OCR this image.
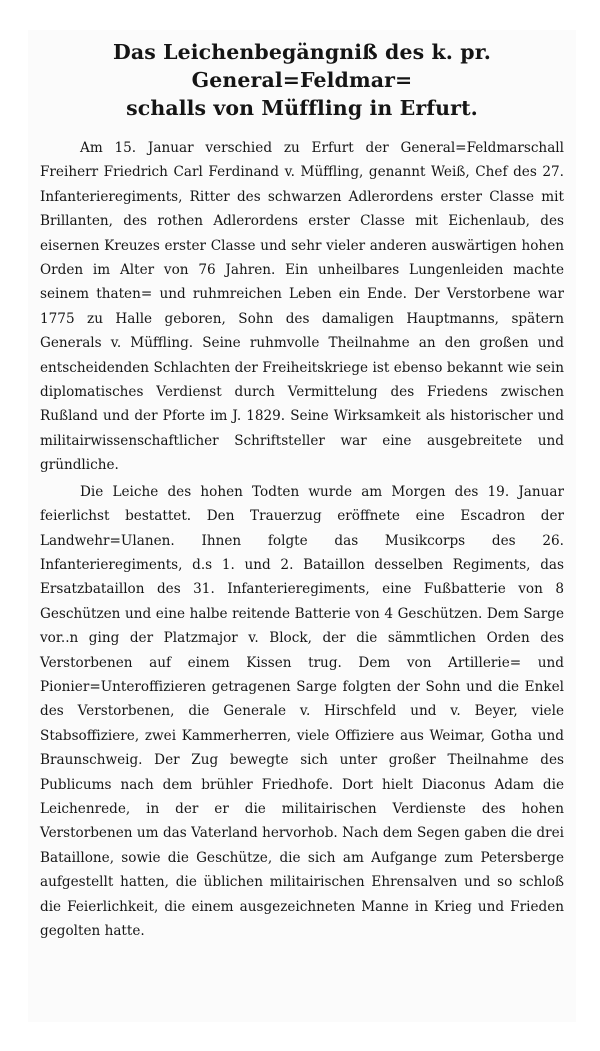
Das Leichenbegängniß des k. pr. General=Feldmar=
schalls von Müffling in Erfurt.

Am 15. Januar verschied zu Erfurt der General=Feldmarschall Freiherr Friedrich Carl Ferdinand v. Müffling, genannt Weiß, Chef des 27. Infanterieregiments, Ritter des schwarzen Adlerordens erster Classe mit Brillanten, des rothen Adlerordens erster Classe mit Eichenlaub, des eisernen Kreuzes erster Classe und sehr vieler anderen auswärtigen hohen Orden im Alter von 76 Jahren. Ein unheilbares Lungenleiden machte seinem thaten= und ruhmreichen Leben ein Ende. Der Verstorbene war 1775 zu Halle geboren, Sohn des damaligen Hauptmanns, spätern Generals v. Müffling. Seine ruhmvolle Theilnahme an den großen und entscheidenden Schlachten der Freiheitskriege ist ebenso bekannt wie sein diplomatisches Verdienst durch Vermittelung des Friedens zwischen Rußland und der Pforte im J. 1829. Seine Wirksamkeit als historischer und militairwissenschaftlicher Schriftsteller war eine ausgebreitete und gründliche.

Die Leiche des hohen Todten wurde am Morgen des 19. Januar feierlichst bestattet. Den Trauerzug eröffnete eine Escadron der Landwehr=Ulanen. Ihnen folgte das Musikcorps des 26. Infanterieregiments, d.s 1. und 2. Bataillon desselben Regiments, das Ersatzbataillon des 31. Infanterieregiments, eine Fußbatterie von 8 Geschützen und eine halbe reitende Batterie von 4 Geschützen. Dem Sarge vor..n ging der Platzmajor v. Block, der die sämmtlichen Orden des Verstorbenen auf einem Kissen trug. Dem von Artillerie= und Pionier=Unteroffizieren getragenen Sarge folgten der Sohn und die Enkel des Verstorbenen, die Generale v. Hirschfeld und v. Beyer, viele Stabsoffiziere, zwei Kammerherren, viele Offiziere aus Weimar, Gotha und Braunschweig. Der Zug bewegte sich unter großer Theilnahme des Publicums nach dem brühler Friedhofe. Dort hielt Diaconus Adam die Leichenrede, in der er die militairischen Verdienste des hohen Verstorbenen um das Vaterland hervorhob. Nach dem Segen gaben die drei Bataillone, sowie die Geschütze, die sich am Aufgange zum Petersberge aufgestellt hatten, die üblichen militairischen Ehrensalven und so schloß die Feierlichkeit, die einem ausgezeichneten Manne in Krieg und Frieden gegolten hatte.
